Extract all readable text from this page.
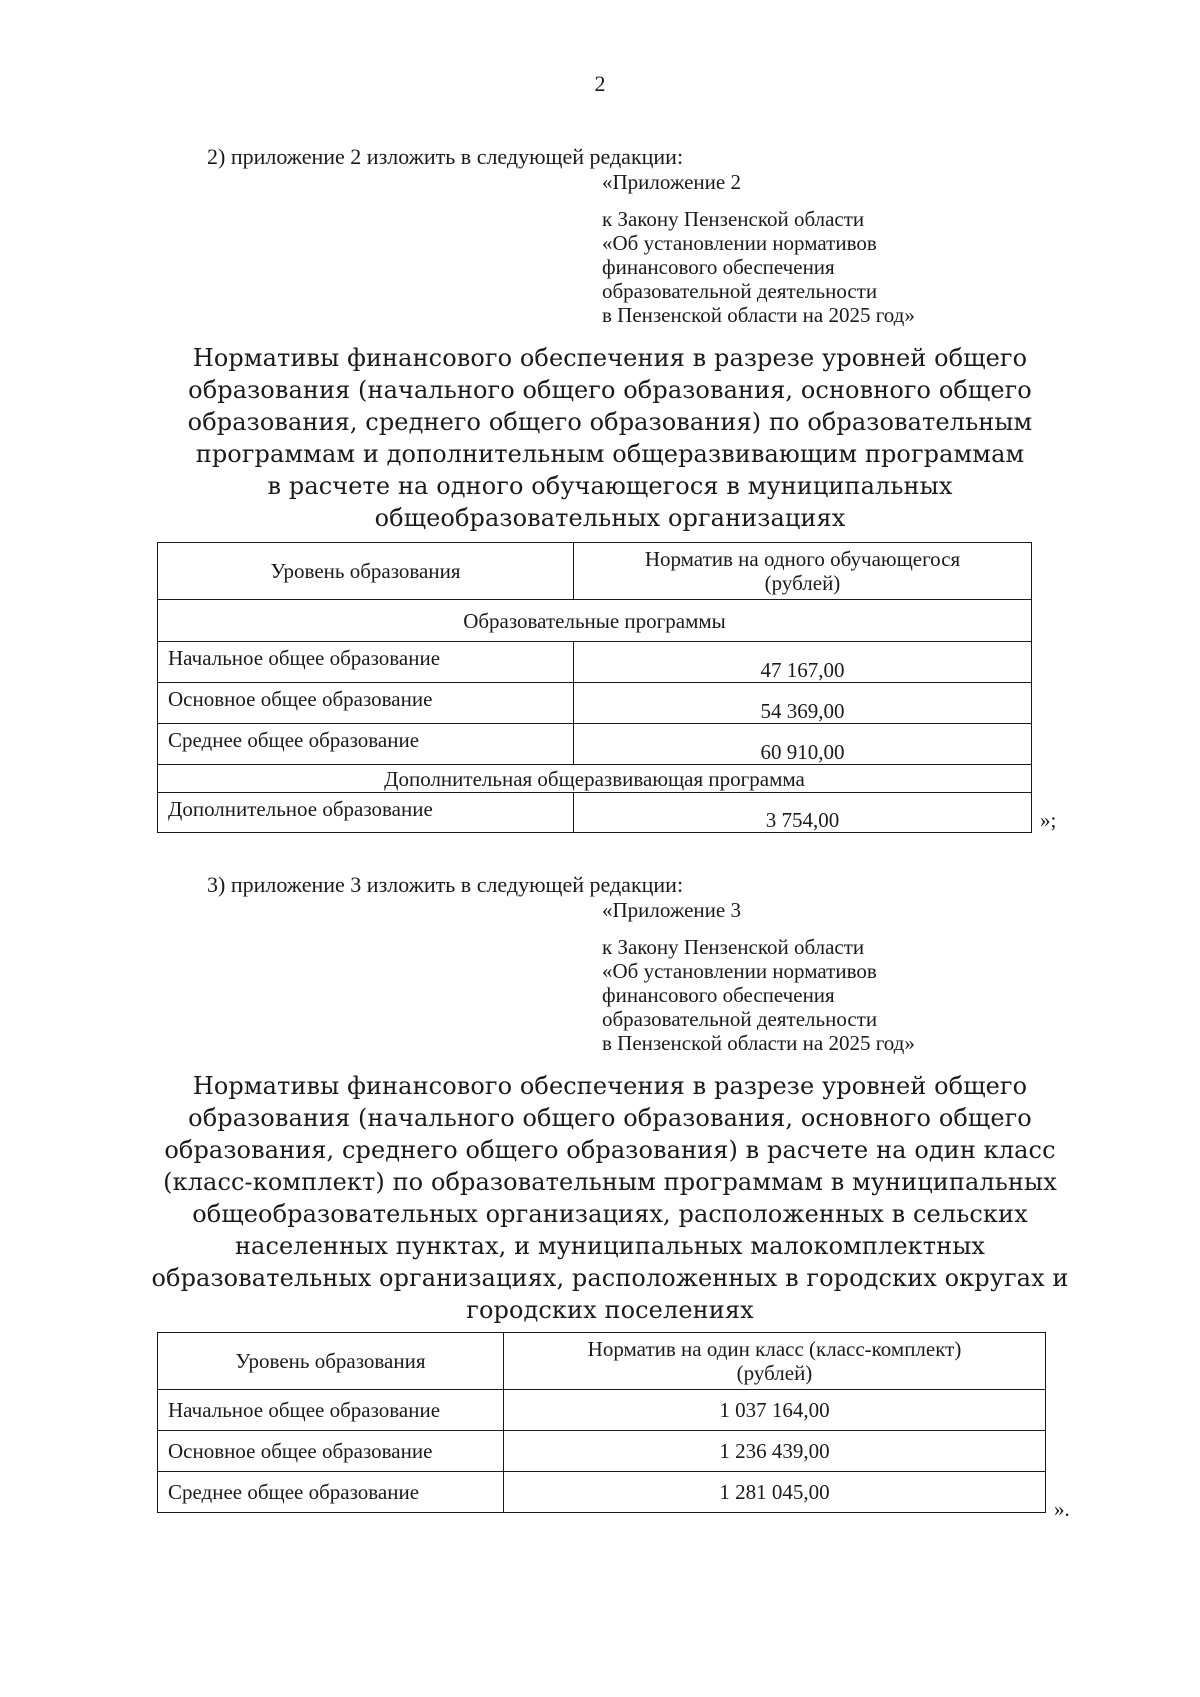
2
2) приложение 2 изложить в следующей редакции:
«Приложение 2
к Закону Пензенской области
«Об установлении нормативов
финансового обеспечения
образовательной деятельности
в Пензенской области на 2025 год»
Нормативы финансового обеспечения в разрезе уровней общего
образования (начального общего образования, основного общего
образования, среднего общего образования) по образовательным
программам и дополнительным общеразвивающим программам
в расчете на одного обучающегося в муниципальных
общеобразовательных организациях
Уровень образования	Норматив на одного обучающегося
(рублей)

Образовательные программы	
Начальное общее образование	47 167,00
Основное общее образование	54 369,00
Среднее общее образование	60 910,00
Дополнительная общеразвивающая программа	
Дополнительное образование	3 754,00	»;
3) приложение 3 изложить в следующей редакции:
«Приложение 3
к Закону Пензенской области
«Об установлении нормативов
финансового обеспечения
образовательной деятельности
в Пензенской области на 2025 год»
Нормативы финансового обеспечения в разрезе уровней общего
образования (начального общего образования, основного общего
образования, среднего общего образования) в расчете на один класс
(класс-комплект) по образовательным программам в муниципальных
общеобразовательных организациях, расположенных в сельских
населенных пунктах, и муниципальных малокомплектных
образовательных организациях, расположенных в городских округах и
городских поселениях
Уровень образования	Норматив на один класс (класс-комплект)
(рублей)

Начальное общее образование	1 037 164,00
Основное общее образование	1 236 439,00
Среднее общее образование	1 281 045,00
».
